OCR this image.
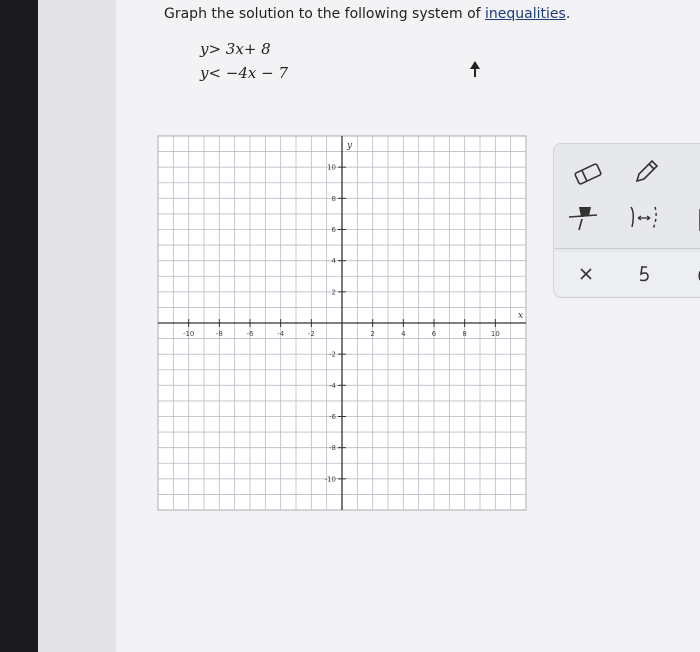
Graph the solution to the following system of inequalities.
y> 3x+ 8
y< −4x − 7
-10	-8	-6	-4	-2	2	4	6	8	10
10
8
6
4
2
-2
-4
-6
-8
-10
x
y
